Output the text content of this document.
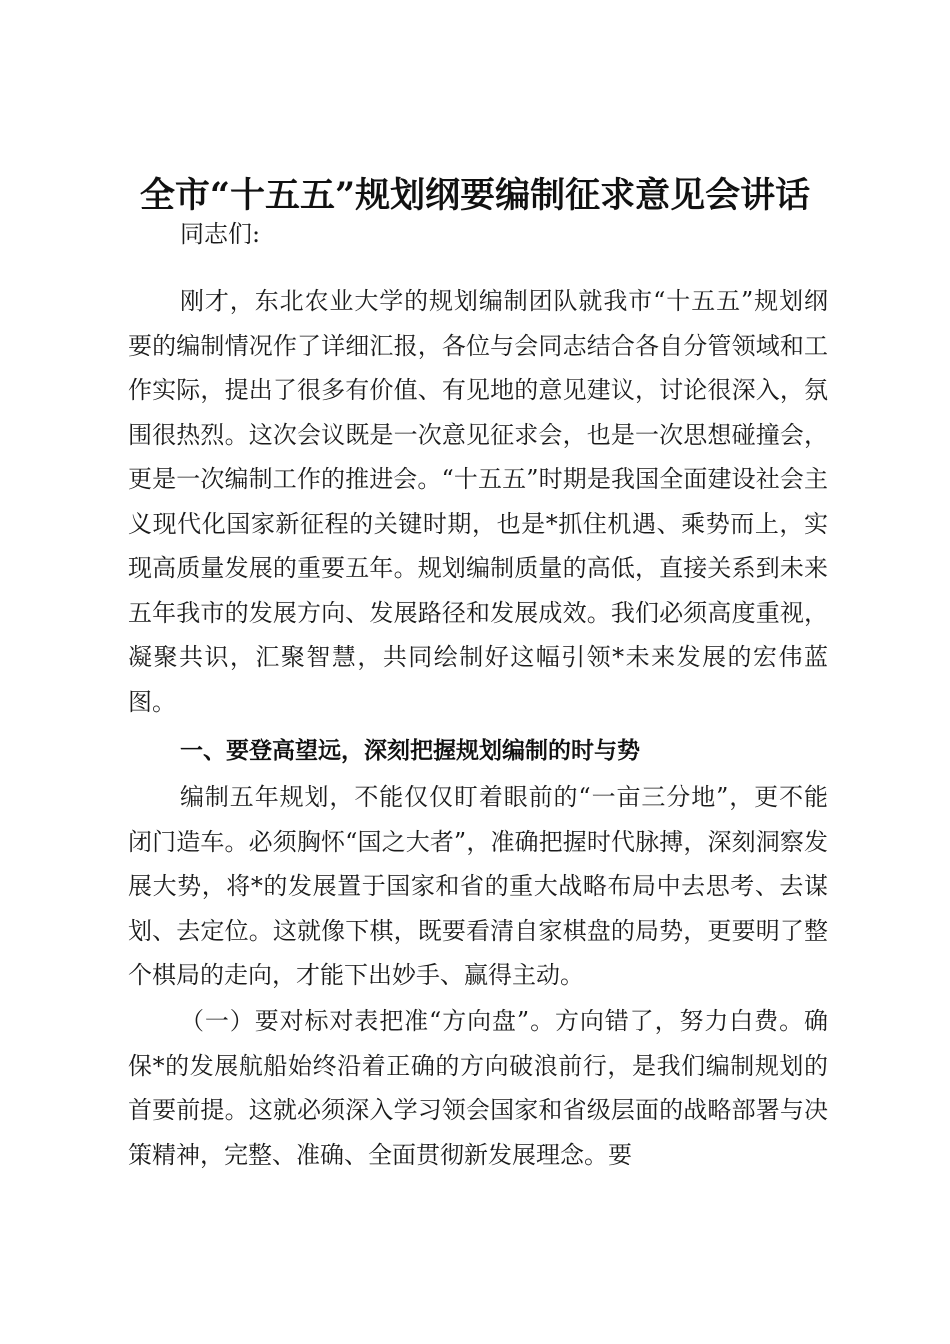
全市“十五五”规划纲要编制征求意见会讲话
同志们:

刚才，东北农业大学的规划编制团队就我市“十五五”规划纲要的编制情况作了详细汇报，各位与会同志结合各自分管领域和工作实际，提出了很多有价值、有见地的意见建议，讨论很深入，氛围很热烈。这次会议既是一次意见征求会，也是一次思想碰撞会，更是一次编制工作的推进会。“十五五”时期是我国全面建设社会主义现代化国家新征程的关键时期，也是*抓住机遇、乘势而上，实现高质量发展的重要五年。规划编制质量的高低，直接关系到未来五年我市的发展方向、发展路径和发展成效。我们必须高度重视，凝聚共识，汇聚智慧，共同绘制好这幅引领*未来发展的宏伟蓝图。

一、要登高望远，深刻把握规划编制的时与势

编制五年规划，不能仅仅盯着眼前的“一亩三分地”，更不能闭门造车。必须胸怀“国之大者”，准确把握时代脉搏，深刻洞察发展大势，将*的发展置于国家和省的重大战略布局中去思考、去谋划、去定位。这就像下棋，既要看清自家棋盘的局势，更要明了整个棋局的走向，才能下出妙手、赢得主动。

（一）要对标对表把准“方向盘”。方向错了，努力白费。确保*的发展航船始终沿着正确的方向破浪前行，是我们编制规划的首要前提。这就必须深入学习领会国家和省级层面的战略部署与决策精神，完整、准确、全面贯彻新发展理念。要
